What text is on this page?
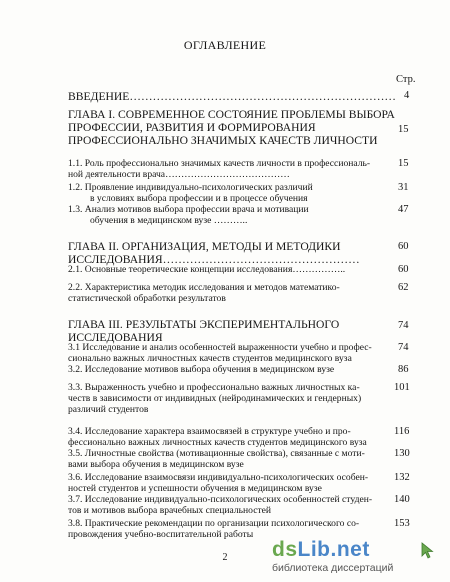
ОГЛАВЛЕНИЕ
Стр.
ВВЕДЕНИЕ…………………………………………………………… 4
ГЛАВА I. СОВРЕМЕННОЕ СОСТОЯНИЕ ПРОБЛЕМЫ ВЫБОРА
ПРОФЕССИИ, РАЗВИТИЯ И ФОРМИРОВАНИЯ
ПРОФЕССИОНАЛЬНО ЗНАЧИМЫХ КАЧЕСТВ ЛИЧНОСТИ
15
1.1. Роль профессионально значимых качеств личности в профессиональ-
ной деятельности врача…………………………………
15
1.2. Проявление индивидуально-психологических различий
в условиях выбора профессии и в процессе обучения
31
1.3. Анализ мотивов выбора профессии врача и мотивации
обучения в медицинском вузе ………..
47
ГЛАВА II. ОРГАНИЗАЦИЯ, МЕТОДЫ И МЕТОДИКИ
ИССЛЕДОВАНИЯ……………………………………………
60
2.1. Основные теоретические концепции исследования……………..	60
2.2. Характеристика методик исследования и методов математико-
статистической обработки результатов
62
ГЛАВА III. РЕЗУЛЬТАТЫ ЭКСПЕРИМЕНТАЛЬНОГО
ИССЛЕДОВАНИЯ
74
3.1 Исследование и анализ особенностей выраженности учебно и профес-
сионально важных личностных качеств студентов медицинского вуза
74
3.2. Исследование мотивов выбора обучения в медицинском вузе	86
3.3. Выраженность учебно и профессионально важных личностных ка-
честв в зависимости от индивидных (нейродинамических и гендерных)
различий студентов
101
3.4. Исследование характера взаимосвязей в структуре учебно и про-
фессионально важных личностных качеств студентов медицинского вуза
116
3.5. Личностные свойства (мотивационные свойства), связанные с моти-
вами выбора обучения в медицинском вузе
130
3.6. Исследование взаимосвязи индивидуально-психологических особен-
ностей студентов и успешности обучения в медицинском вузе
132
3.7. Исследование индивидуально-психологических особенностей студен-
тов и мотивов выбора врачебных специальностей
140
3.8. Практические рекомендации по организации психологического со-
провождения учебно-воспитательной работы
153
2	dsLib.net
библиотека диссертаций
